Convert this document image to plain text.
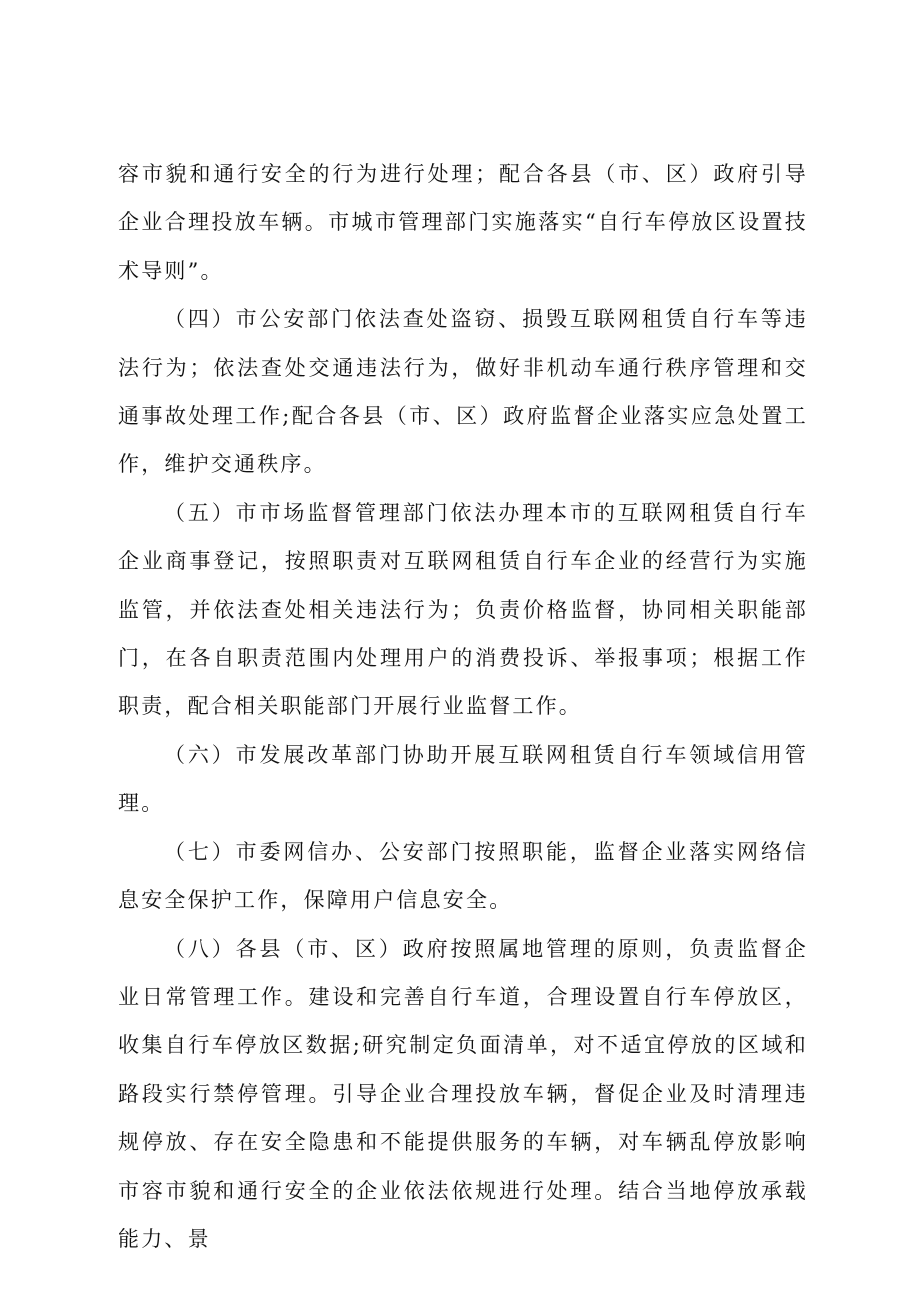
容市貌和通行安全的行为进行处理；配合各县（市、区）政府引导企业合理投放车辆。市城市管理部门实施落实“自行车停放区设置技术导则”。

（四）市公安部门依法查处盗窃、损毁互联网租赁自行车等违法行为；依法查处交通违法行为，做好非机动车通行秩序管理和交通事故处理工作;配合各县（市、区）政府监督企业落实应急处置工作，维护交通秩序。

（五）市市场监督管理部门依法办理本市的互联网租赁自行车企业商事登记，按照职责对互联网租赁自行车企业的经营行为实施监管，并依法查处相关违法行为；负责价格监督，协同相关职能部门，在各自职责范围内处理用户的消费投诉、举报事项；根据工作职责，配合相关职能部门开展行业监督工作。

（六）市发展改革部门协助开展互联网租赁自行车领域信用管理。

（七）市委网信办、公安部门按照职能，监督企业落实网络信息安全保护工作，保障用户信息安全。

（八）各县（市、区）政府按照属地管理的原则，负责监督企业日常管理工作。建设和完善自行车道，合理设置自行车停放区，收集自行车停放区数据;研究制定负面清单，对不适宜停放的区域和路段实行禁停管理。引导企业合理投放车辆，督促企业及时清理违规停放、存在安全隐患和不能提供服务的车辆，对车辆乱停放影响市容市貌和通行安全的企业依法依规进行处理。结合当地停放承载能力、景
